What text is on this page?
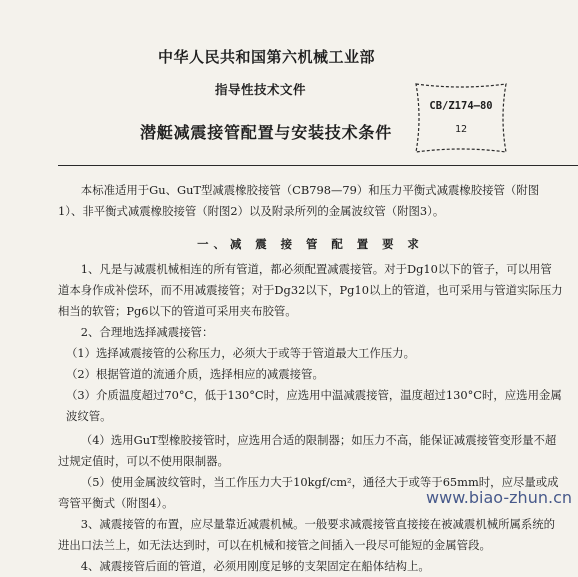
中华人民共和国第六机械工业部
指导性技术文件
潜艇减震接管配置与安装技术条件
CB/Z174—80
12

本标准适用于Gu、GuT型减震橡胶接管（CB798—79）和压力平衡式减震橡胶接管（附图1）、非平衡式减震橡胶接管（附图2）以及附录所列的金属波纹管（附图3）。

一、减 震 接 管 配 置 要 求

1、凡是与减震机械相连的所有管道，都必须配置减震接管。对于Dg10以下的管子，可以用管道本身作成补偿环，而不用减震接管；对于Dg32以下，Pg10以上的管道，也可采用与管道实际压力相当的软管；Pg6以下的管道可采用夹布胶管。

2、合理地选择减震接管：

（1）选择减震接管的公称压力，必须大于或等于管道最大工作压力。

（2）根据管道的流通介质，选择相应的减震接管。

（3）介质温度超过70°C，低于130°C时，应选用中温减震接管，温度超过130°C时，应选用金属波纹管。

（4）选用GuT型橡胶接管时，应选用合适的限制器；如压力不高，能保证减震接管变形量不超过规定值时，可以不使用限制器。

（5）使用金属波纹管时，当工作压力大于10kgf/cm²，通径大于或等于65mm时，应尽量或成弯管平衡式（附图4）。

3、减震接管的布置，应尽量靠近减震机械。一般要求减震接管直接接在被减震机械所属系统的进出口法兰上，如无法达到时，可以在机械和接管之间插入一段尽可能短的金属管段。

4、减震接管后面的管道，必须用刚度足够的支架固定在船体结构上。

www.biao-zhun.cn
